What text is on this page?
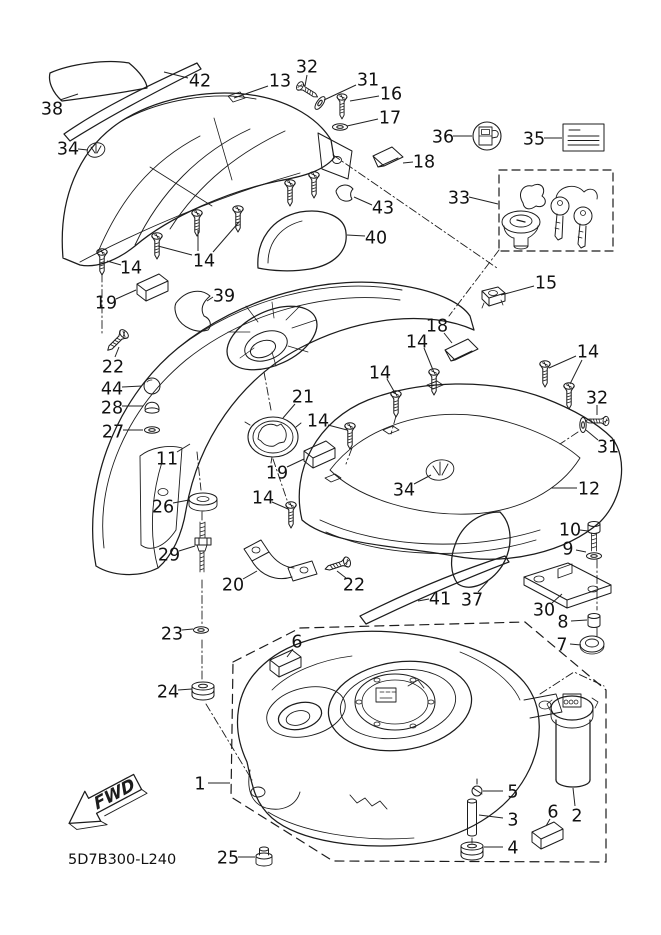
FWD
38
42	13
32
31
16
17
36	35
18
33
43
40
34
14	14
19	39
22
44
28
27
11
21
14
15
18
14
14
14
32
31
12
26
29
19
14	34
20	22
41 37
10
9
30
8
7
23
24
6
1
25
5
3
4
6 2
5D7B300-L240
